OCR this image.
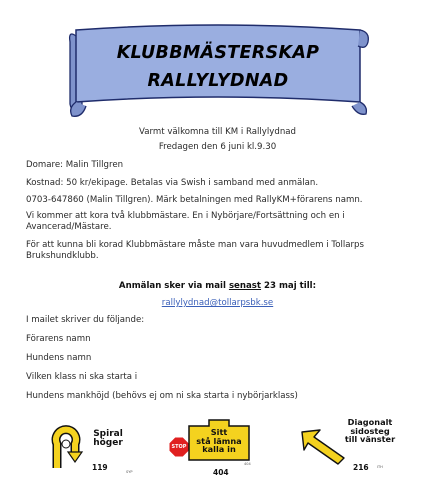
KLUBBMÄSTERSKAP
RALLYLYDNAD
Varmt välkomna till KM i Rallylydnad
Fredagen den 6 juni kl.9.30
Domare: Malin Tillgren
Kostnad: 50 kr/ekipage. Betalas via Swish i samband med anmälan.
0703-647860 (Malin Tillgren). Märk betalningen med RallyKM+förarens namn.
Vi kommer att kora två klubbmästare. En i Nybörjare/Fortsättning och en i Avancerad/Mästare.
För att kunna bli korad Klubbmästare måste man vara huvudmedlem i Tollarps Brukshundklubb.
Anmälan sker via mail senast 23 maj till:
rallylydnad@tollarpsbk.se
I mailet skriver du följande:
Förarens namn
Hundens namn
Vilken klass ni ska starta i
Hundens mankhöjd (behövs ej om ni ska starta i nybörjarklass)
Spiral
höger
119	SYP
STOP
Sitt
stå lämna
kalla in
404
404
Diagonalt
sidosteg
till vänster
216 ITH
